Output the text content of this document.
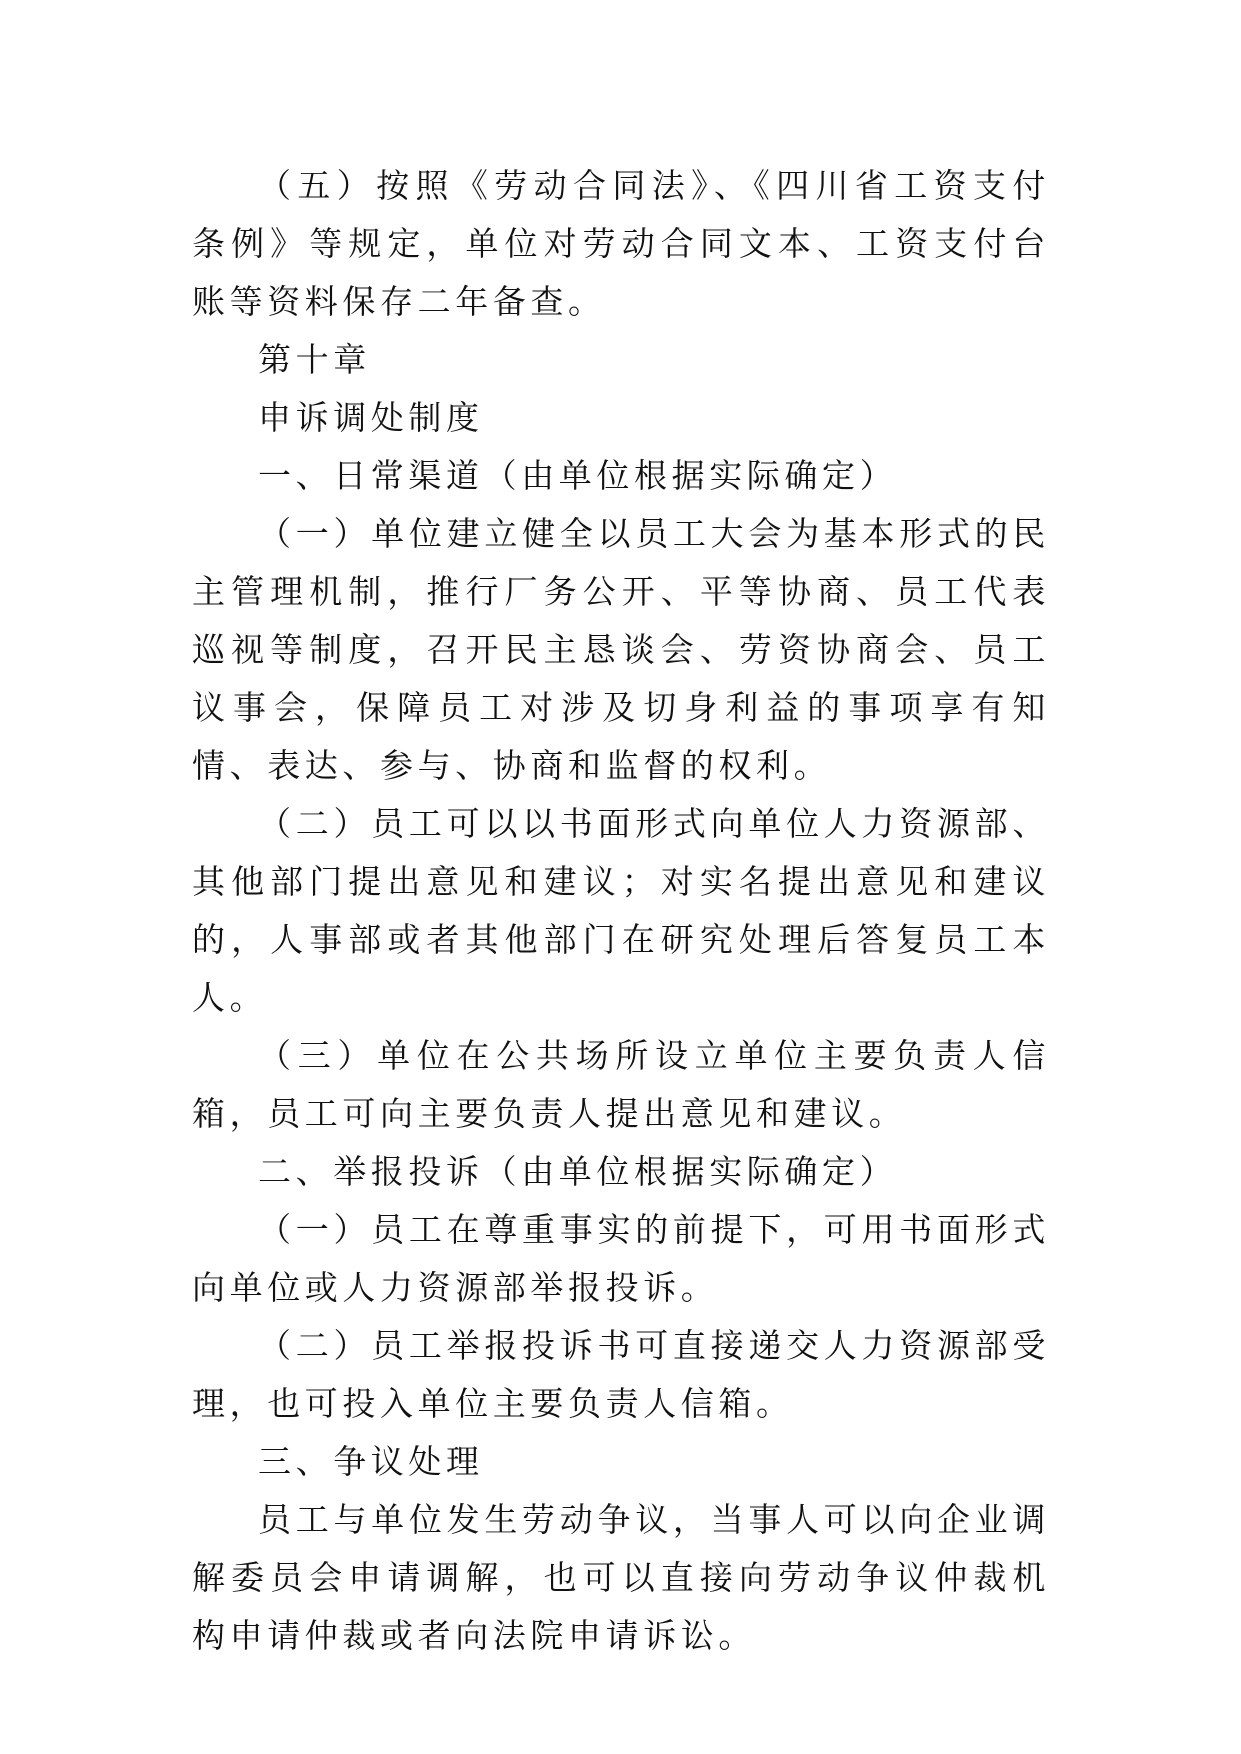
（五）按照《劳动合同法》、《四川省工资支付条例》等规定，单位对劳动合同文本、工资支付台账等资料保存二年备查。

第十章

申诉调处制度

一、日常渠道（由单位根据实际确定）

（一）单位建立健全以员工大会为基本形式的民主管理机制，推行厂务公开、平等协商、员工代表巡视等制度，召开民主恳谈会、劳资协商会、员工议事会，保障员工对涉及切身利益的事项享有知情、表达、参与、协商和监督的权利。

（二）员工可以以书面形式向单位人力资源部、其他部门提出意见和建议；对实名提出意见和建议的，人事部或者其他部门在研究处理后答复员工本人。

（三）单位在公共场所设立单位主要负责人信箱，员工可向主要负责人提出意见和建议。

二、举报投诉（由单位根据实际确定）

（一）员工在尊重事实的前提下，可用书面形式向单位或人力资源部举报投诉。

（二）员工举报投诉书可直接递交人力资源部受理，也可投入单位主要负责人信箱。

三、争议处理

员工与单位发生劳动争议，当事人可以向企业调解委员会申请调解，也可以直接向劳动争议仲裁机构申请仲裁或者向法院申请诉讼。
